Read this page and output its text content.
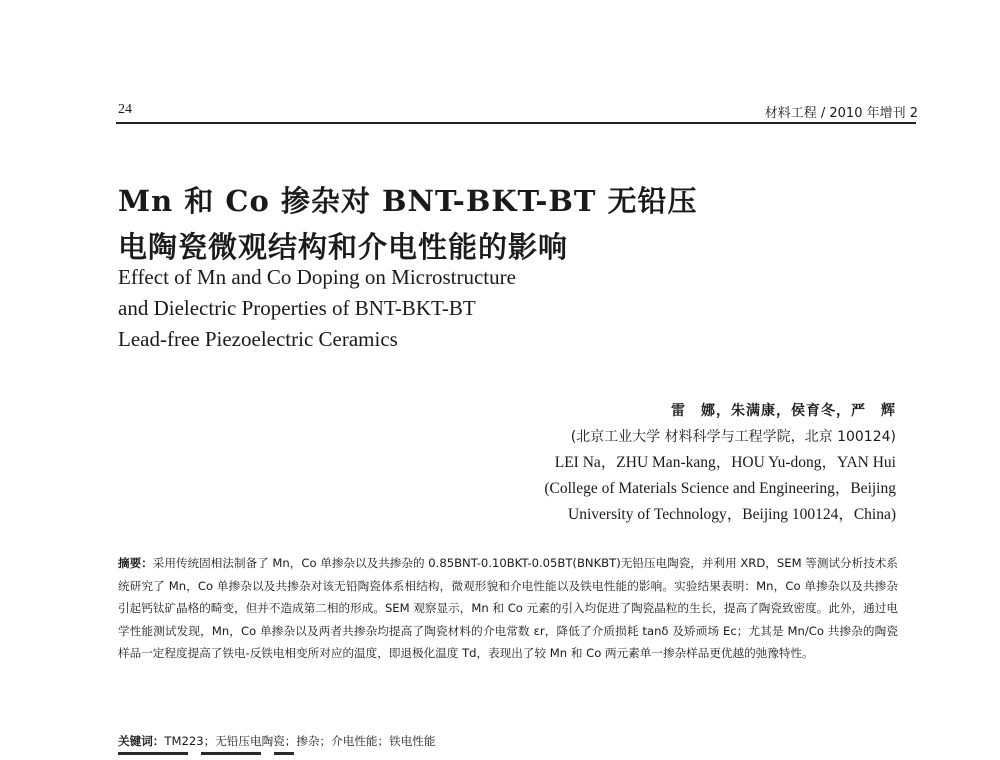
24	材料工程 / 2010 年增刊 2
Mn 和 Co 掺杂对 BNT-BKT-BT 无铅压
电陶瓷微观结构和介电性能的影响
Effect of Mn and Co Doping on Microstructure
and Dielectric Properties of BNT-BKT-BT
Lead-free Piezoelectric Ceramics
雷　娜，朱满康，侯育冬，严　辉
(北京工业大学 材料科学与工程学院，北京 100124)
LEI Na，ZHU Man-kang，HOU Yu-dong，YAN Hui
(College of Materials Science and Engineering，Beijing
University of Technology，Beijing 100124，China)
摘要：采用传统固相法制备了 Mn，Co 单掺杂以及共掺杂的 0.85BNT-0.10BKT-0.05BT(BNKBT)无铅压电陶瓷，并利用 XRD，SEM 等测试分析技术系统研究了 Mn，Co 单掺杂以及共掺杂对该无铅陶瓷体系相结构，微观形貌和介电性能以及铁电性能的影响。实验结果表明：Mn，Co 单掺杂以及共掺杂引起钙钛矿晶格的畸变，但并不造成第二相的形成。SEM 观察显示，Mn 和 Co 元素的引入均促进了陶瓷晶粒的生长，提高了陶瓷致密度。此外，通过电学性能测试发现，Mn，Co 单掺杂以及两者共掺杂均提高了陶瓷材料的介电常数 εr，降低了介质损耗 tanδ 及矫顽场 Ec；尤其是 Mn/Co 共掺杂的陶瓷样品一定程度提高了铁电-反铁电相变所对应的温度，即退极化温度 Td，表现出了较 Mn 和 Co 两元素单一掺杂样品更优越的弛豫特性。
关键词：TM223；无铅压电陶瓷；掺杂；介电性能；铁电性能
